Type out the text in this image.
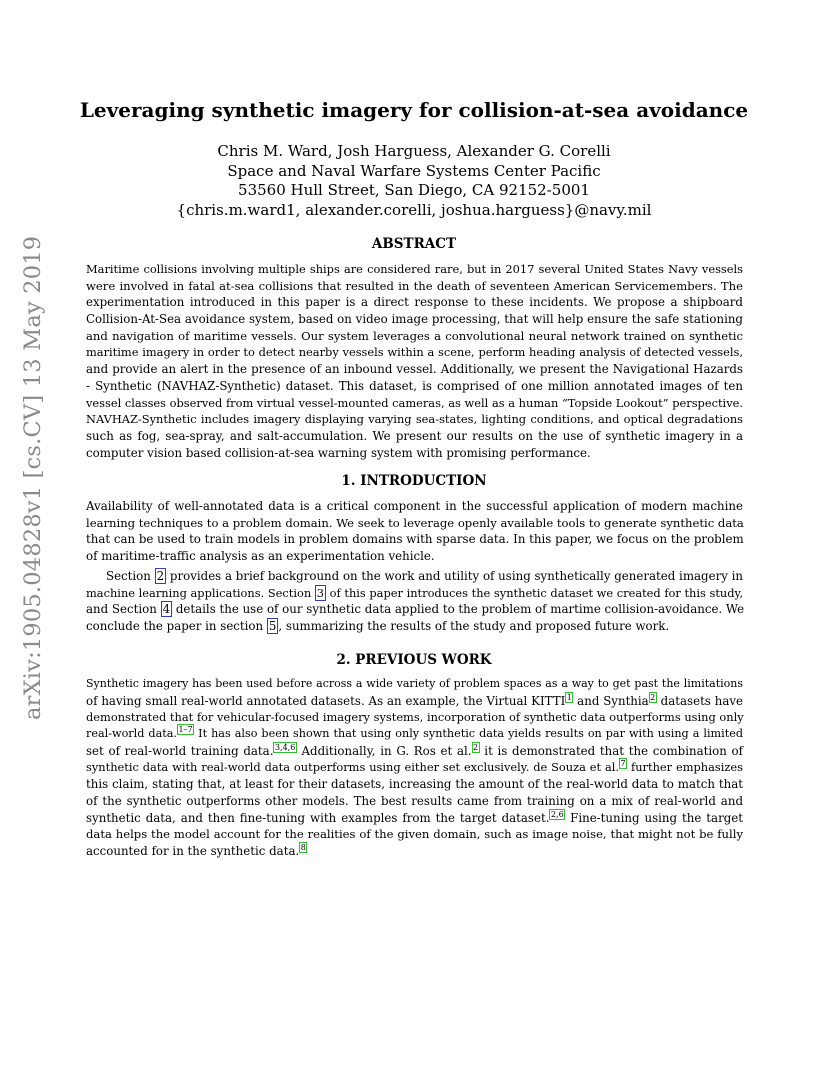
arXiv:1905.04828v1 [cs.CV] 13 May 2019
Leveraging synthetic imagery for collision-at-sea avoidance
Chris M. Ward, Josh Harguess, Alexander G. Corelli
Space and Naval Warfare Systems Center Pacific
53560 Hull Street, San Diego, CA 92152-5001
{chris.m.ward1, alexander.corelli, joshua.harguess}@navy.mil
ABSTRACT
Maritime collisions involving multiple ships are considered rare, but in 2017 several United States Navy vessels
were involved in fatal at-sea collisions that resulted in the death of seventeen American Servicemembers. The
experimentation introduced in this paper is a direct response to these incidents. We propose a shipboard
Collision-At-Sea avoidance system, based on video image processing, that will help ensure the safe stationing
and navigation of maritime vessels. Our system leverages a convolutional neural network trained on synthetic
maritime imagery in order to detect nearby vessels within a scene, perform heading analysis of detected vessels,
and provide an alert in the presence of an inbound vessel. Additionally, we present the Navigational Hazards
- Synthetic (NAVHAZ-Synthetic) dataset. This dataset, is comprised of one million annotated images of ten
vessel classes observed from virtual vessel-mounted cameras, as well as a human “Topside Lookout” perspective.
NAVHAZ-Synthetic includes imagery displaying varying sea-states, lighting conditions, and optical degradations
such as fog, sea-spray, and salt-accumulation. We present our results on the use of synthetic imagery in a
computer vision based collision-at-sea warning system with promising performance.
1. INTRODUCTION
Availability of well-annotated data is a critical component in the successful application of modern machine
learning techniques to a problem domain. We seek to leverage openly available tools to generate synthetic data
that can be used to train models in problem domains with sparse data. In this paper, we focus on the problem
of maritime-traffic analysis as an experimentation vehicle.
Section 2 provides a brief background on the work and utility of using synthetically generated imagery in
machine learning applications. Section 3 of this paper introduces the synthetic dataset we created for this study,
and Section 4 details the use of our synthetic data applied to the problem of martime collision-avoidance. We
conclude the paper in section 5 , summarizing the results of the study and proposed future work.
2. PREVIOUS WORK
Synthetic imagery has been used before across a wide variety of problem spaces as a way to get past the limitations
of having small real-world annotated datasets. As an example, the Virtual KITTI $^1$ and Synthia $^2$ datasets have
demonstrated that for vehicular-focused imagery systems, incorporation of synthetic data outperforms using only
real-world data. $^{1-7}$ It has also been shown that using only synthetic data yields results on par with using a limited
set of real-world training data. $^{3,4,6}$ Additionally, in G. Ros et al. $^2$ it is demonstrated that the combination of
synthetic data with real-world data outperforms using either set exclusively. de Souza et al. $^7$ further emphasizes
this claim, stating that, at least for their datasets, increasing the amount of the real-world data to match that
of the synthetic outperforms other models. The best results came from training on a mix of real-world and
synthetic data, and then fine-tuning with examples from the target dataset. $^{2,6}$ Fine-tuning using the target
data helps the model account for the realities of the given domain, such as image noise, that might not be fully
accounted for in the synthetic data. $^8$
